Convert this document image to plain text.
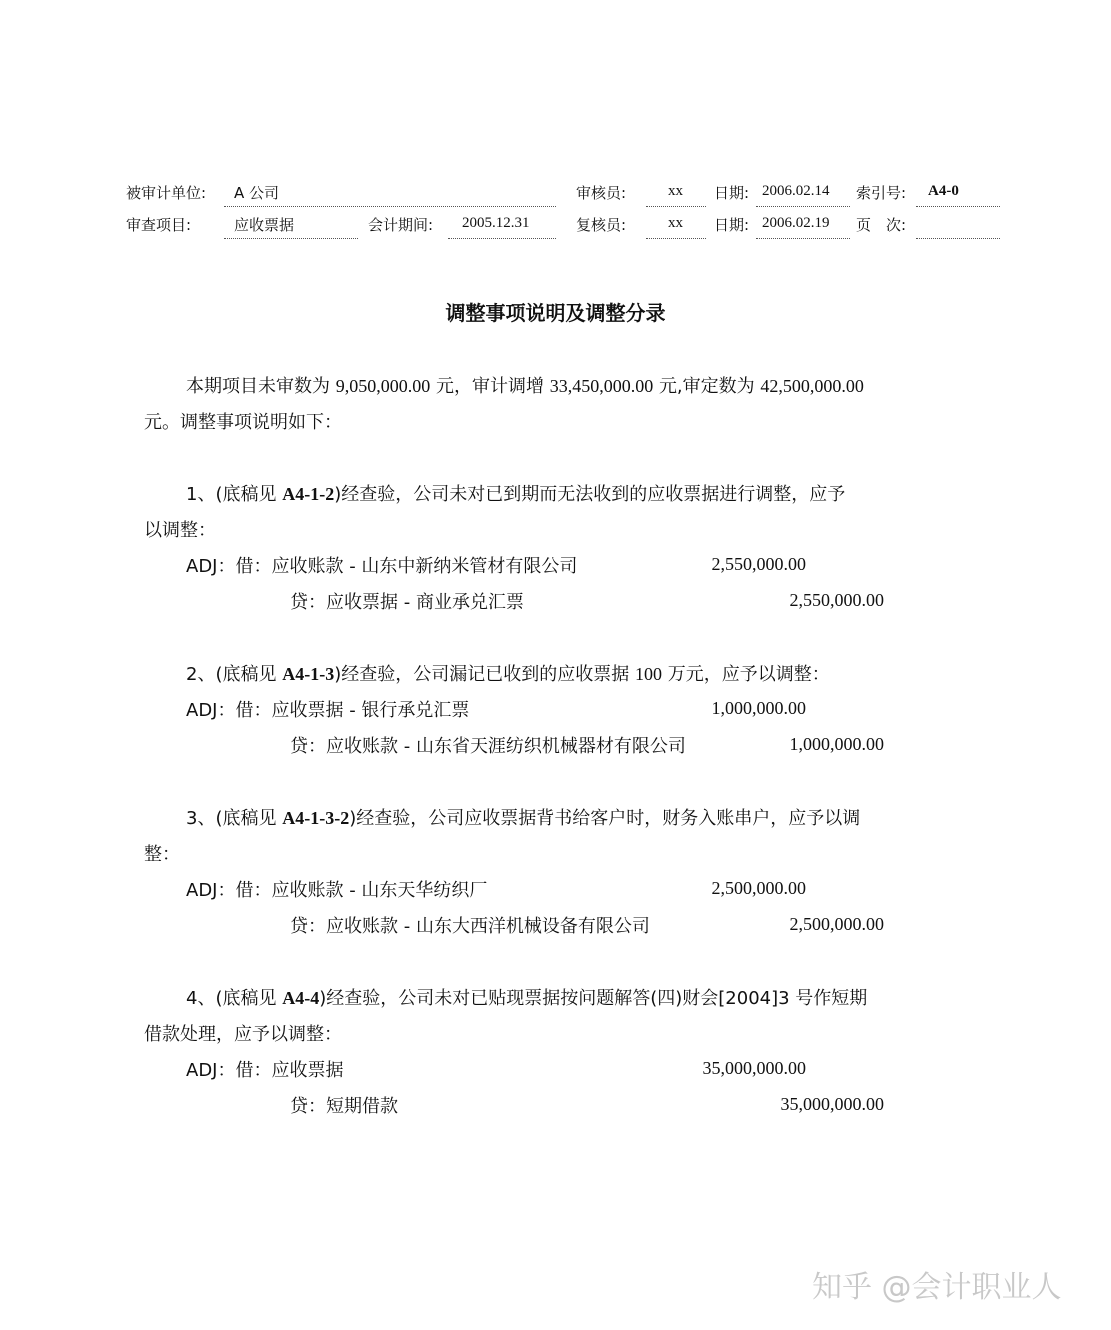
被审计单位: A 公司	审核员:	xx 日期: 2006.02.14 索引号: A4-0
审查项目:	应收票据	会计期间: 2005.12.31	复核员:	xx 日期: 2006.02.19 页　次:
调整事项说明及调整分录
本期项目未审数为 9,050,000.00 元，审计调增 33,450,000.00 元,审定数为 42,500,000.00
元。调整事项说明如下：
1、(底稿见 A4-1-2)经查验，公司未对已到期而无法收到的应收票据进行调整，应予
以调整：
ADJ：借：应收账款 - 山东中新纳米管材有限公司	2,550,000.00
贷：应收票据 - 商业承兑汇票	2,550,000.00
2、(底稿见 A4-1-3)经查验，公司漏记已收到的应收票据 100 万元，应予以调整：
ADJ：借：应收票据 - 银行承兑汇票	1,000,000.00
贷：应收账款 - 山东省天涯纺织机械器材有限公司	1,000,000.00
3、(底稿见 A4-1-3-2)经查验，公司应收票据背书给客户时，财务入账串户，应予以调
整：
ADJ：借：应收账款 - 山东天华纺织厂	2,500,000.00
贷：应收账款 - 山东大西洋机械设备有限公司	2,500,000.00
4、(底稿见 A4-4)经查验，公司未对已贴现票据按问题解答(四)财会[2004]3 号作短期
借款处理，应予以调整：
ADJ：借：应收票据	35,000,000.00
贷：短期借款	35,000,000.00
知乎 @会计职业人
